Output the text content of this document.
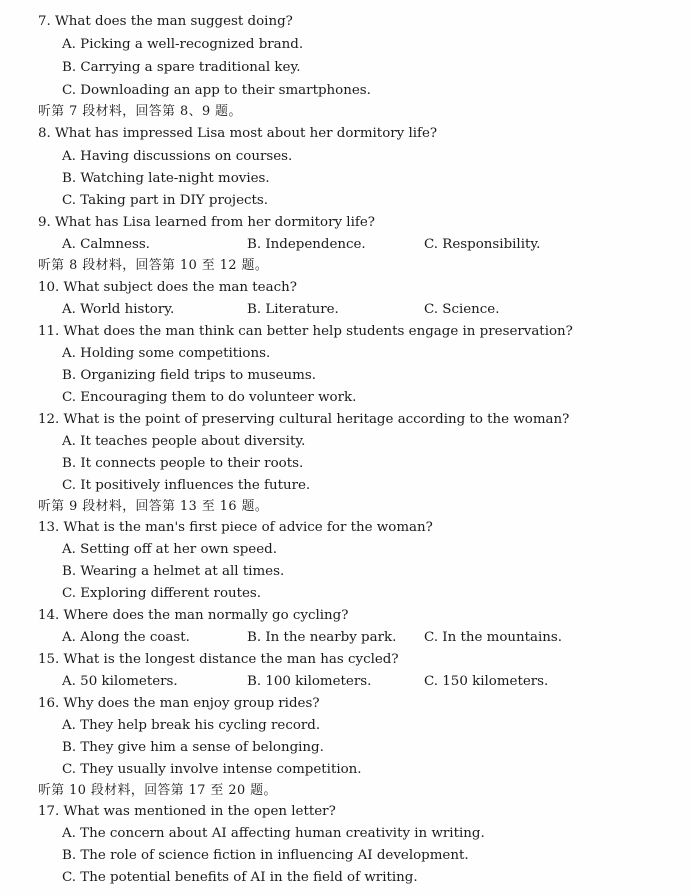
7. What does the man suggest doing?
A. Picking a well-recognized brand.
B. Carrying a spare traditional key.
C. Downloading an app to their smartphones.
听第 7 段材料，回答第 8、9 题。
8. What has impressed Lisa most about her dormitory life?
A. Having discussions on courses.
B. Watching late-night movies.
C. Taking part in DIY projects.
9. What has Lisa learned from her dormitory life?
A. Calmness.	B. Independence.	C. Responsibility.
听第 8 段材料，回答第 10 至 12 题。
10. What subject does the man teach?
A. World history.	B. Literature.	C. Science.
11. What does the man think can better help students engage in preservation?
A. Holding some competitions.
B. Organizing field trips to museums.
C. Encouraging them to do volunteer work.
12. What is the point of preserving cultural heritage according to the woman?
A. It teaches people about diversity.
B. It connects people to their roots.
C. It positively influences the future.
听第 9 段材料，回答第 13 至 16 题。
13. What is the man's first piece of advice for the woman?
A. Setting off at her own speed.
B. Wearing a helmet at all times.
C. Exploring different routes.
14. Where does the man normally go cycling?
A. Along the coast.	B. In the nearby park. C. In the mountains.
15. What is the longest distance the man has cycled?
A. 50 kilometers.	B. 100 kilometers.	C. 150 kilometers.
16. Why does the man enjoy group rides?
A. They help break his cycling record.
B. They give him a sense of belonging.
C. They usually involve intense competition.
听第 10 段材料，回答第 17 至 20 题。
17. What was mentioned in the open letter?
A. The concern about AI affecting human creativity in writing.
B. The role of science fiction in influencing AI development.
C. The potential benefits of AI in the field of writing.
